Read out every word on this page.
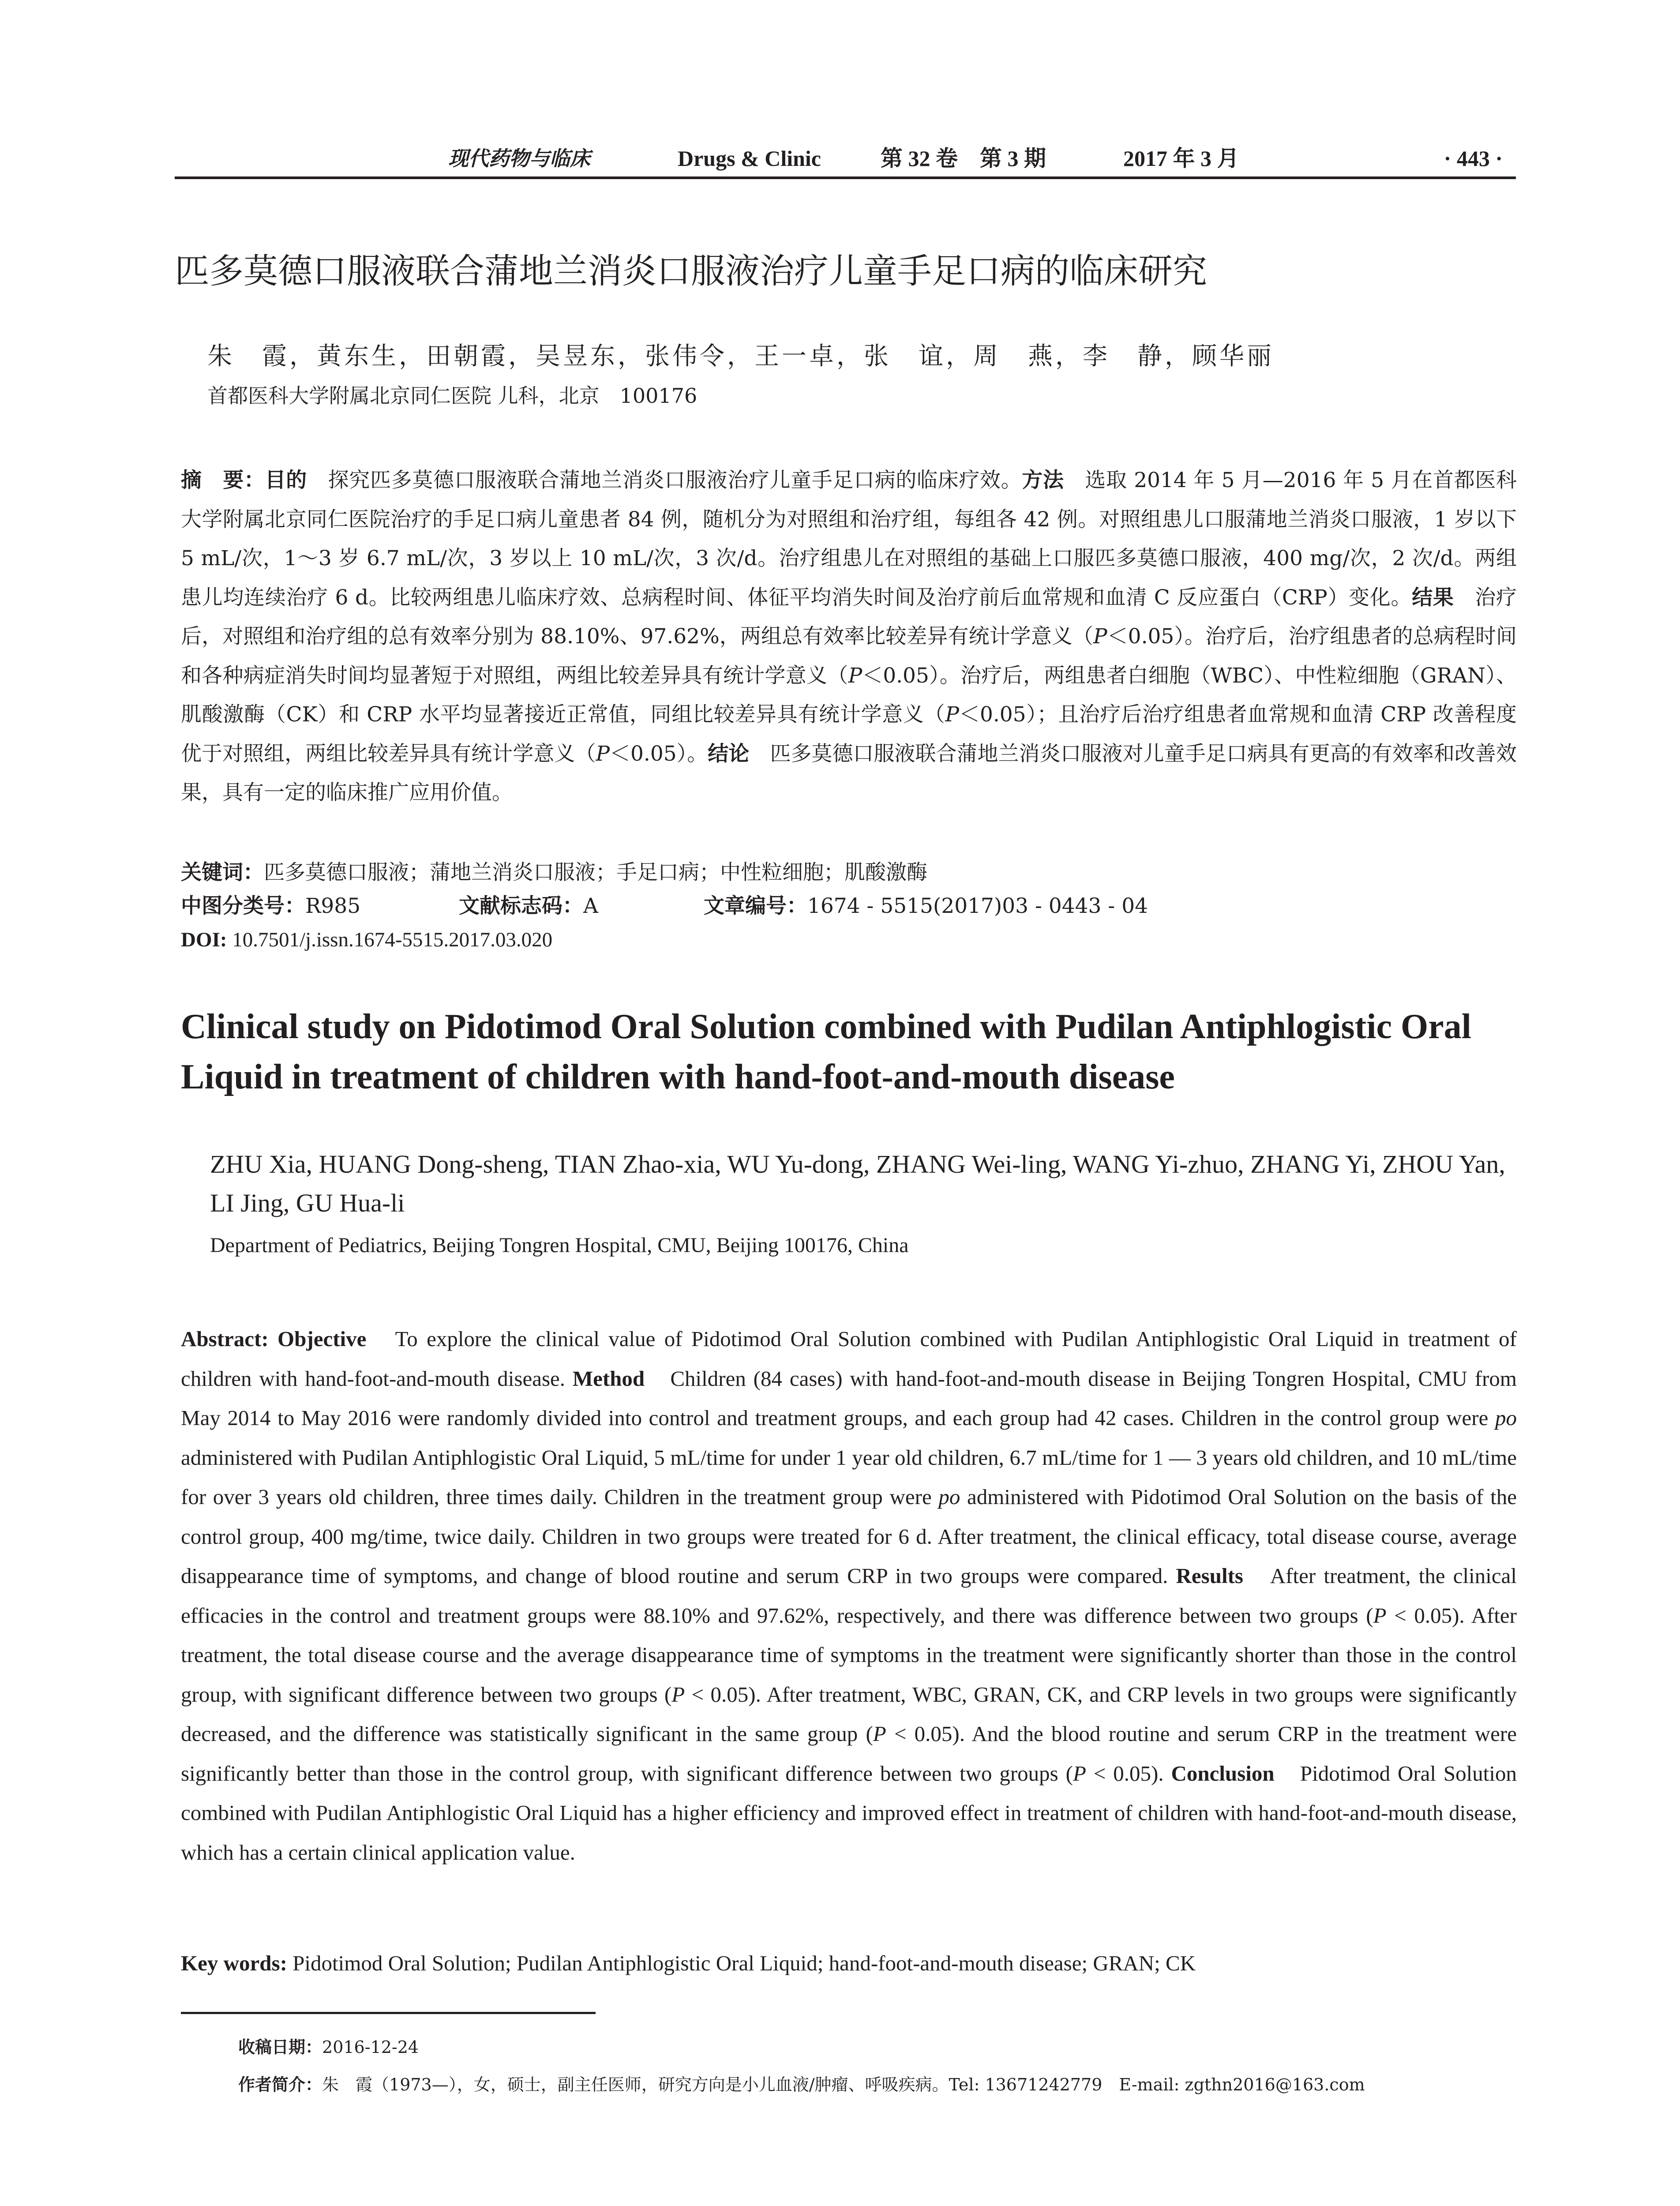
现代药物与临床	Drugs & Clinic	第 32 卷　第 3 期	2017 年 3 月	· 443 ·
匹多莫德口服液联合蒲地兰消炎口服液治疗儿童手足口病的临床研究
朱　霞，黄东生，田朝霞，吴昱东，张伟令，王一卓，张　谊，周　燕，李　静，顾华丽
首都医科大学附属北京同仁医院 儿科，北京　100176
摘　要：目的　探究匹多莫德口服液联合蒲地兰消炎口服液治疗儿童手足口病的临床疗效。方法　选取 2014 年 5 月—2016 年 5 月在首都医科大学附属北京同仁医院治疗的手足口病儿童患者 84 例，随机分为对照组和治疗组，每组各 42 例。对照组患儿口服蒲地兰消炎口服液，1 岁以下 5 mL/次，1～3 岁 6.7 mL/次，3 岁以上 10 mL/次，3 次/d。治疗组患儿在对照组的基础上口服匹多莫德口服液，400 mg/次，2 次/d。两组患儿均连续治疗 6 d。比较两组患儿临床疗效、总病程时间、体征平均消失时间及治疗前后血常规和血清 C 反应蛋白（CRP）变化。结果　治疗后，对照组和治疗组的总有效率分别为 88.10%、97.62%，两组总有效率比较差异有统计学意义（P＜0.05）。治疗后，治疗组患者的总病程时间和各种病症消失时间均显著短于对照组，两组比较差异具有统计学意义（P＜0.05）。治疗后，两组患者白细胞（WBC）、中性粒细胞（GRAN）、肌酸激酶（CK）和 CRP 水平均显著接近正常值，同组比较差异具有统计学意义（P＜0.05）；且治疗后治疗组患者血常规和血清 CRP 改善程度优于对照组，两组比较差异具有统计学意义（P＜0.05）。结论　匹多莫德口服液联合蒲地兰消炎口服液对儿童手足口病具有更高的有效率和改善效果，具有一定的临床推广应用价值。
关键词：匹多莫德口服液；蒲地兰消炎口服液；手足口病；中性粒细胞；肌酸激酶
中图分类号：R985	文献标志码：A	文章编号：1674 - 5515(2017)03 - 0443 - 04
DOI: 10.7501/j.issn.1674-5515.2017.03.020
Clinical study on Pidotimod Oral Solution combined with Pudilan Antiphlogistic Oral Liquid in treatment of children with hand-foot-and-mouth disease
ZHU Xia, HUANG Dong-sheng, TIAN Zhao-xia, WU Yu-dong, ZHANG Wei-ling, WANG Yi-zhuo, ZHANG Yi, ZHOU Yan, LI Jing, GU Hua-li
Department of Pediatrics, Beijing Tongren Hospital, CMU, Beijing 100176, China
Abstract: Objective　To explore the clinical value of Pidotimod Oral Solution combined with Pudilan Antiphlogistic Oral Liquid in treatment of children with hand-foot-and-mouth disease. Method　Children (84 cases) with hand-foot-and-mouth disease in Beijing Tongren Hospital, CMU from May 2014 to May 2016 were randomly divided into control and treatment groups, and each group had 42 cases. Children in the control group were po administered with Pudilan Antiphlogistic Oral Liquid, 5 mL/time for under 1 year old children, 6.7 mL/time for 1 — 3 years old children, and 10 mL/time for over 3 years old children, three times daily. Children in the treatment group were po administered with Pidotimod Oral Solution on the basis of the control group, 400 mg/time, twice daily. Children in two groups were treated for 6 d. After treatment, the clinical efficacy, total disease course, average disappearance time of symptoms, and change of blood routine and serum CRP in two groups were compared. Results　After treatment, the clinical efficacies in the control and treatment groups were 88.10% and 97.62%, respectively, and there was difference between two groups (P < 0.05). After treatment, the total disease course and the average disappearance time of symptoms in the treatment were significantly shorter than those in the control group, with significant difference between two groups (P < 0.05). After treatment, WBC, GRAN, CK, and CRP levels in two groups were significantly decreased, and the difference was statistically significant in the same group (P < 0.05). And the blood routine and serum CRP in the treatment were significantly better than those in the control group, with significant difference between two groups (P < 0.05). Conclusion　Pidotimod Oral Solution combined with Pudilan Antiphlogistic Oral Liquid has a higher efficiency and improved effect in treatment of children with hand-foot-and-mouth disease, which has a certain clinical application value.
Key words: Pidotimod Oral Solution; Pudilan Antiphlogistic Oral Liquid; hand-foot-and-mouth disease; GRAN; CK
收稿日期：2016-12-24
作者简介：朱　霞（1973—），女，硕士，副主任医师，研究方向是小儿血液/肿瘤、呼吸疾病。Tel: 13671242779　E-mail: zgthn2016@163.com
